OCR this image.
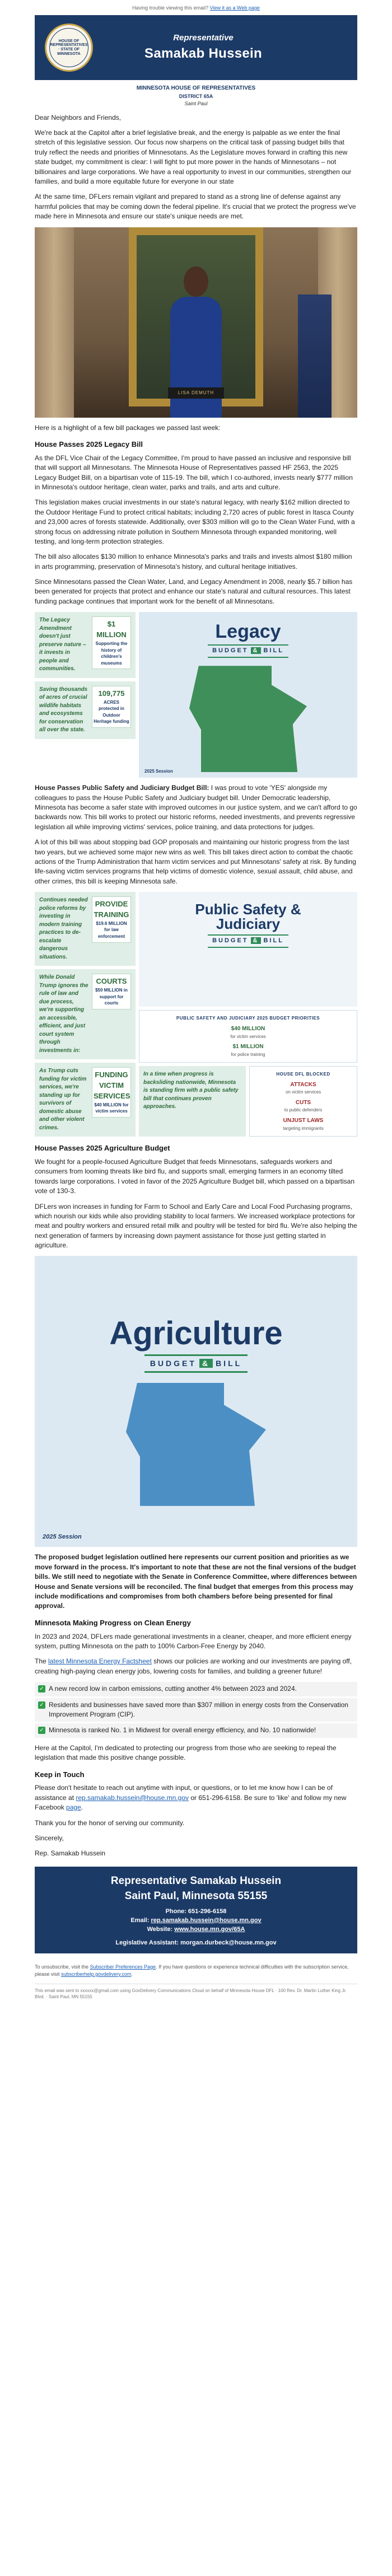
Having trouble viewing this email? View it as a Web page
HOUSE OF REPRESENTATIVES · STATE OF MINNESOTA
Representative
Samakab Hussein
MINNESOTA HOUSE OF REPRESENTATIVES
DISTRICT 65A
Saint Paul

Dear Neighbors and Friends,

We're back at the Capitol after a brief legislative break, and the energy is palpable as we enter the final stretch of this legislative session. Our focus now sharpens on the critical task of passing budget bills that truly reflect the needs and priorities of Minnesotans. As the Legislature moves forward in crafting this new state budget, my commitment is clear: I will fight to put more power in the hands of Minnesotans – not billionaires and large corporations. We have a real opportunity to invest in our communities, strengthen our families, and build a more equitable future for everyone in our state

At the same time, DFLers remain vigilant and prepared to stand as a strong line of defense against any harmful policies that may be coming down the federal pipeline. It's crucial that we protect the progress we've made here in Minnesota and ensure our state's unique needs are met.

LISA DEMUTH

Here is a highlight of a few bill packages we passed last week:

House Passes 2025 Legacy Bill

As the DFL Vice Chair of the Legacy Committee, I'm proud to have passed an inclusive and responsive bill that will support all Minnesotans. The Minnesota House of Representatives passed HF 2563, the 2025 Legacy Budget Bill, on a bipartisan vote of 115-19. The bill, which I co-authored, invests nearly $777 million in Minnesota's outdoor heritage, clean water, parks and trails, and arts and culture.

This legislation makes crucial investments in our state's natural legacy, with nearly $162 million directed to the Outdoor Heritage Fund to protect critical habitats; including 2,720 acres of public forest in Itasca County and 23,000 acres of forests statewide. Additionally, over $303 million will go to the Clean Water Fund, with a strong focus on addressing nitrate pollution in Southern Minnesota through expanded monitoring, well testing, and long-term protection strategies.

The bill also allocates $130 million to enhance Minnesota's parks and trails and invests almost $180 million in arts programming, preservation of Minnesota's history, and cultural heritage initiatives.

Since Minnesotans passed the Clean Water, Land, and Legacy Amendment in 2008, nearly $5.7 billion has been generated for projects that protect and enhance our state's natural and cultural resources. This latest funding package continues that important work for the benefit of all Minnesotans.

The Legacy Amendment doesn't just preserve nature – it invests in people and communities.
$1 MILLION
Supporting the history of children's museums
Saving thousands of acres of crucial wildlife habitats and ecosystems for conservation all over the state.
109,775
ACRES protected in Outdoor Heritage funding
Legacy
BUDGET & BILL
2025 Session

House Passes Public Safety and Judiciary Budget Bill: I was proud to vote 'YES' alongside my colleagues to pass the House Public Safety and Judiciary budget bill. Under Democratic leadership, Minnesota has become a safer state with improved outcomes in our justice system, and we can't afford to go backwards now. This bill works to protect our historic reforms, needed investments, and prevents regressive legislation all while improving victims' services, police training, and data protections for judges.

A lot of this bill was about stopping bad GOP proposals and maintaining our historic progress from the last two years, but we achieved some major new wins as well. This bill takes direct action to combat the chaotic actions of the Trump Administration that harm victim services and put Minnesotans' safety at risk. By funding life-saving victim services programs that help victims of domestic violence, sexual assault, child abuse, and other crimes, this bill is keeping Minnesota safe.

Continues needed police reforms by investing in modern training practices to de-escalate dangerous situations.
PROVIDE TRAINING
$19.6 MILLION for law enforcement
While Donald Trump ignores the rule of law and due process, we're supporting an accessible, efficient, and just court system through investments in:
COURTS
$50 MILLION in support for courts
As Trump cuts funding for victim services, we're standing up for survivors of domestic abuse and other violent crimes.
FUNDING VICTIM SERVICES
$40 MILLION for victim services
Public Safety &
Judiciary
BUDGET & BILL
PUBLIC SAFETY AND JUDICIARY 2025 BUDGET PRIORITIES
$40 MILLION
for victim services
$1 MILLION
for police training
In a time when progress is backsliding nationwide, Minnesota is standing firm with a public safety bill that continues proven approaches.
HOUSE DFL BLOCKED
ATTACKS
on victim services
CUTS
to public defenders
UNJUST LAWS
targeting immigrants
House Passes 2025 Agriculture Budget

We fought for a people-focused Agriculture Budget that feeds Minnesotans, safeguards workers and consumers from looming threats like bird flu, and supports small, emerging farmers in an economy tilted towards large corporations. I voted in favor of the 2025 Agriculture Budget bill, which passed on a bipartisan vote of 130-3.

DFLers won increases in funding for Farm to School and Early Care and Local Food Purchasing programs, which nourish our kids while also providing stability to local farmers. We increased workplace protections for meat and poultry workers and ensured retail milk and poultry will be tested for bird flu. We're also helping the next generation of farmers by increasing down payment assistance for those just getting started in agriculture.

Agriculture
BUDGET & BILL
2025 Session

The proposed budget legislation outlined here represents our current position and priorities as we move forward in the process. It's important to note that these are not the final versions of the budget bills. We still need to negotiate with the Senate in Conference Committee, where differences between House and Senate versions will be reconciled. The final budget that emerges from this process may include modifications and compromises from both chambers before being presented for final approval.

Minnesota Making Progress on Clean Energy

In 2023 and 2024, DFLers made generational investments in a cleaner, cheaper, and more efficient energy system, putting Minnesota on the path to 100% Carbon-Free Energy by 2040.

The latest Minnesota Energy Factsheet shows our policies are working and our investments are paying off, creating high-paying clean energy jobs, lowering costs for families, and building a greener future!

✓ A new record low in carbon emissions, cutting another 4% between 2023 and 2024.
✓ Residents and businesses have saved more than $307 million in energy costs from the Conservation Improvement Program (CIP).
✓ Minnesota is ranked No. 1 in Midwest for overall energy efficiency, and No. 10 nationwide!

Here at the Capitol, I'm dedicated to protecting our progress from those who are seeking to repeal the legislation that made this positive change possible.

Keep in Touch

Please don't hesitate to reach out anytime with input, or questions, or to let me know how I can be of assistance at rep.samakab.hussein@house.mn.gov or 651-296-6158. Be sure to 'like' and follow my new Facebook page.

Thank you for the honor of serving our community.

Sincerely,

Rep. Samakab Hussein

Representative Samakab Hussein
Saint Paul, Minnesota 55155
Phone: 651-296-6158
Email: rep.samakab.hussein@house.mn.gov
Website: www.house.mn.gov/65A
Legislative Assistant: morgan.durbeck@house.mn.gov

To unsubscribe, visit the Subscriber Preferences Page. If you have questions or experience technical difficulties with the subscription service, please visit subscriberhelp.govdelivery.com.

This email was sent to xxxxxx@gmail.com using GovDelivery Communications Cloud on behalf of Minnesota House DFL · 100 Rev. Dr. Martin Luther King Jr. Blvd. · Saint Paul, MN 55155
